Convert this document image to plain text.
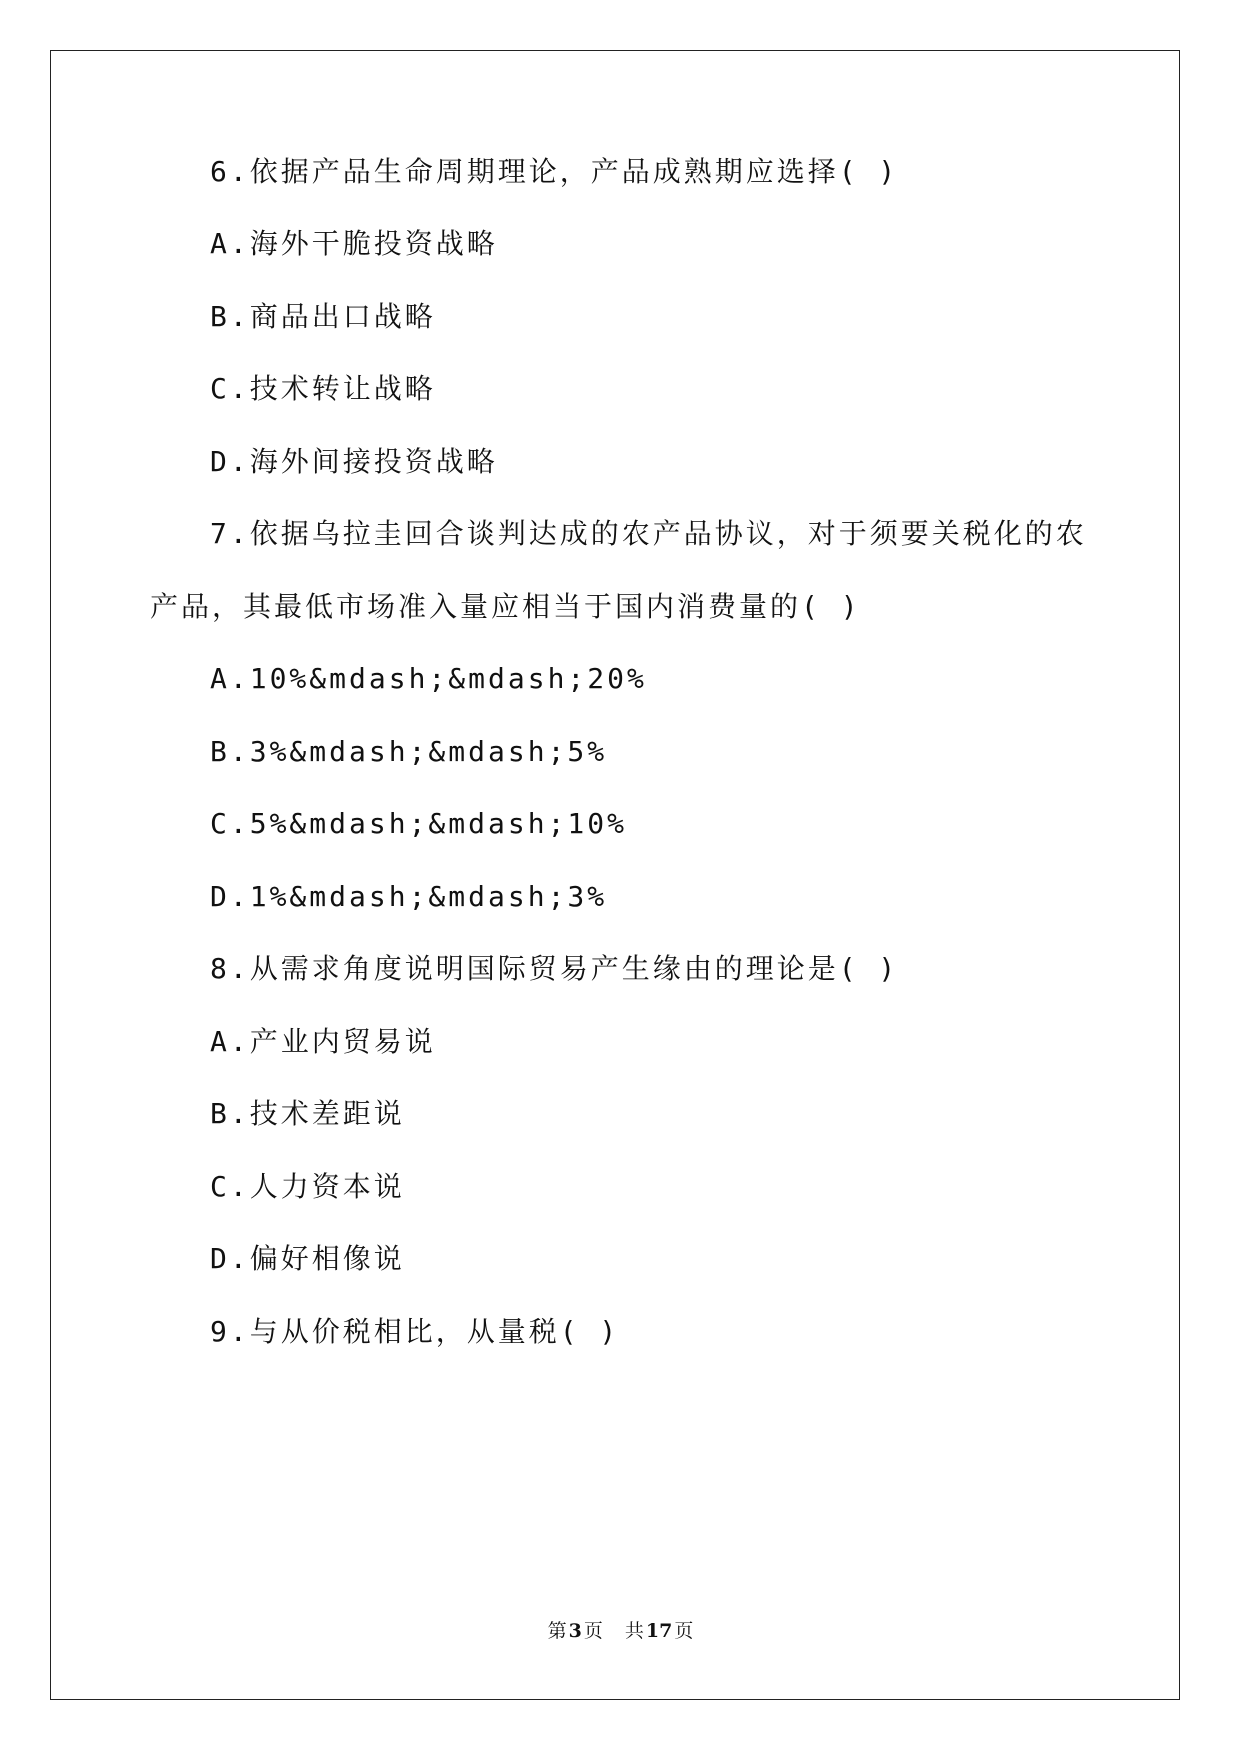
6.依据产品生命周期理论，产品成熟期应选择( )

A.海外干脆投资战略

B.商品出口战略

C.技术转让战略

D.海外间接投资战略

7.依据乌拉圭回合谈判达成的农产品协议，对于须要关税化的农

产品，其最低市场准入量应相当于国内消费量的( )

A.10%&mdash;&mdash;20%

B.3%&mdash;&mdash;5%

C.5%&mdash;&mdash;10%

D.1%&mdash;&mdash;3%

8.从需求角度说明国际贸易产生缘由的理论是( )

A.产业内贸易说

B.技术差距说

C.人力资本说

D.偏好相像说

9.与从价税相比，从量税( )

第 3 页 共 17 页
